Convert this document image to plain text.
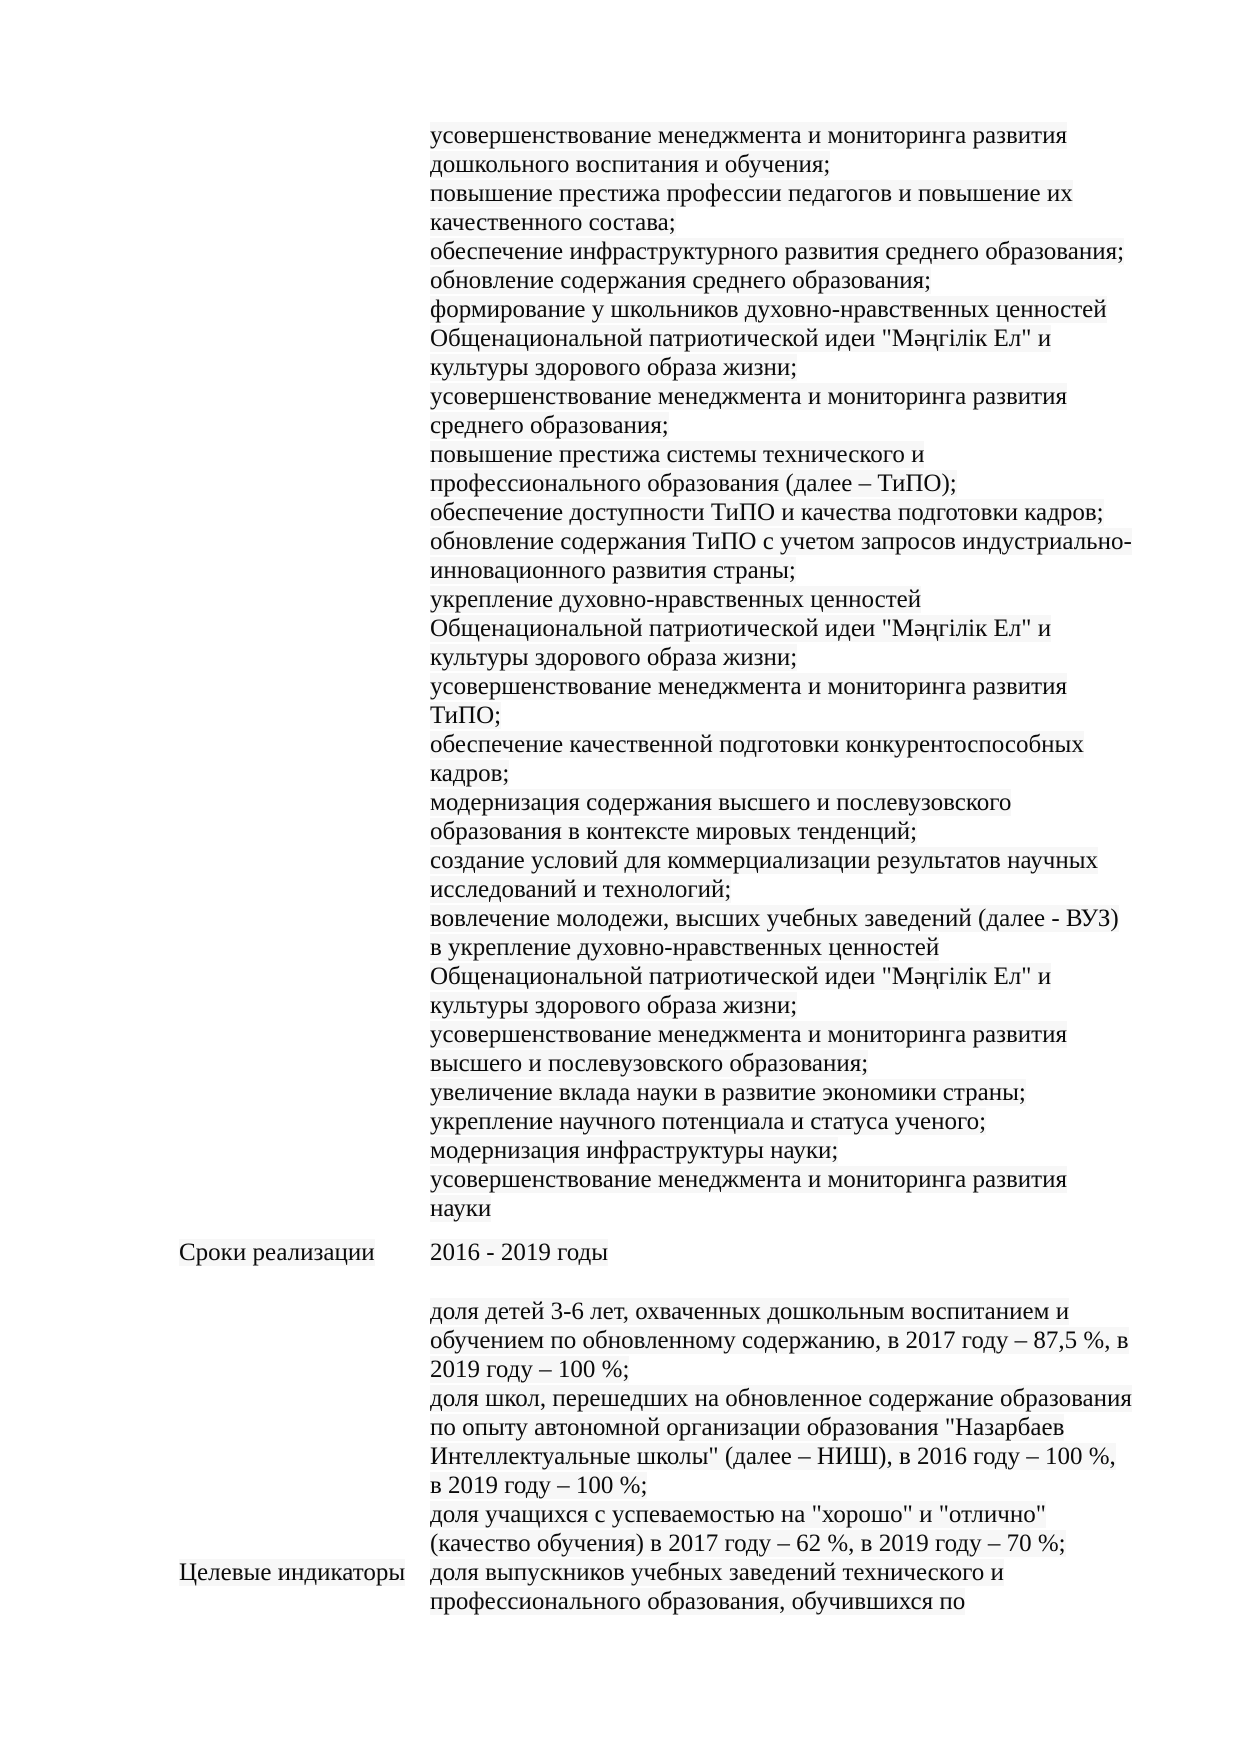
усовершенствование менеджмента и мониторинга развития
дошкольного воспитания и обучения;
повышение престижа профессии педагогов и повышение их
качественного состава;
обеспечение инфраструктурного развития среднего образования;
обновление содержания среднего образования;
формирование у школьников духовно-нравственных ценностей
Общенациональной патриотической идеи "Мәңгілік Ел" и
культуры здорового образа жизни;
усовершенствование менеджмента и мониторинга развития
среднего образования;
повышение престижа системы технического и
профессионального образования (далее – ТиПО);
обеспечение доступности ТиПО и качества подготовки кадров;
обновление содержания ТиПО с учетом запросов индустриально-
инновационного развития страны;
укрепление духовно-нравственных ценностей
Общенациональной патриотической идеи "Мәңгілік Ел" и
культуры здорового образа жизни;
усовершенствование менеджмента и мониторинга развития
ТиПО;
обеспечение качественной подготовки конкурентоспособных
кадров;
модернизация содержания высшего и послевузовского
образования в контексте мировых тенденций;
создание условий для коммерциализации результатов научных
исследований и технологий;
вовлечение молодежи, высших учебных заведений (далее - ВУЗ)
в укрепление духовно-нравственных ценностей
Общенациональной патриотической идеи "Мәңгілік Ел" и
культуры здорового образа жизни;
усовершенствование менеджмента и мониторинга развития
высшего и послевузовского образования;
увеличение вклада науки в развитие экономики страны;
укрепление научного потенциала и статуса ученого;
модернизация инфраструктуры науки;
усовершенствование менеджмента и мониторинга развития
науки
Сроки реализации	2016 - 2019 годы
Целевые индикаторы
доля детей 3-6 лет, охваченных дошкольным воспитанием и
обучением по обновленному содержанию, в 2017 году – 87,5 %, в
2019 году – 100 %;
доля школ, перешедших на обновленное содержание образования
по опыту автономной организации образования "Назарбаев
Интеллектуальные школы" (далее – НИШ), в 2016 году – 100 %,
в 2019 году – 100 %;
доля учащихся с успеваемостью на "хорошо" и "отлично"
(качество обучения) в 2017 году – 62 %, в 2019 году – 70 %;
доля выпускников учебных заведений технического и
профессионального образования, обучившихся по
